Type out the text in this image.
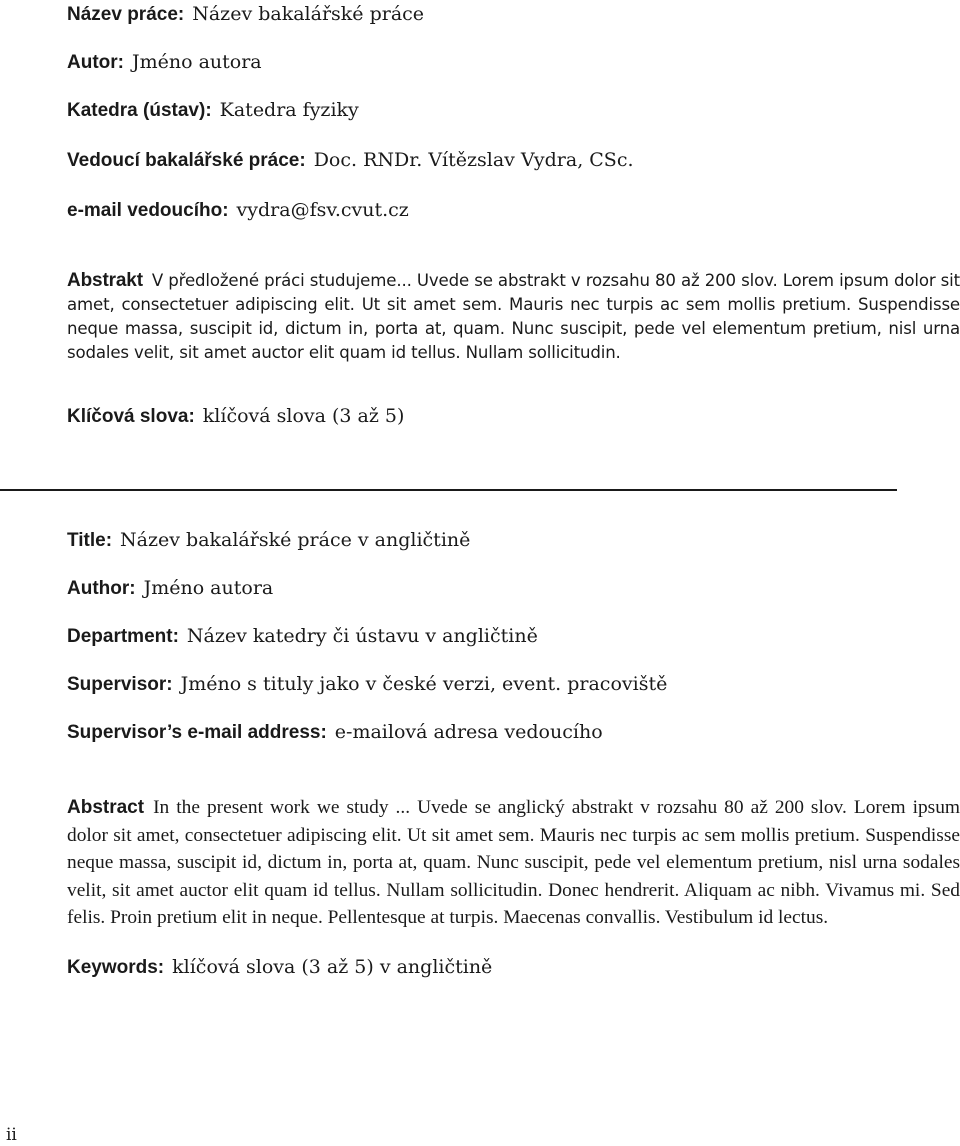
Název práce: Název bakalářské práce
Autor: Jméno autora
Katedra (ústav): Katedra fyziky
Vedoucí bakalářské práce: Doc. RNDr. Vítězslav Vydra, CSc.
e-mail vedoucího: vydra@fsv.cvut.cz
Abstrakt V předložené práci studujeme... Uvede se abstrakt v rozsahu 80 až 200 slov. Lorem ipsum dolor sit amet, consectetuer adipiscing elit. Ut sit amet sem. Mauris nec turpis ac sem mollis pretium. Suspendisse neque massa, suscipit id, dictum in, porta at, quam. Nunc suscipit, pede vel elementum pretium, nisl urna sodales velit, sit amet auctor elit quam id tellus. Nullam sollicitudin.
Klíčová slova: klíčová slova (3 až 5)
Title: Název bakalářské práce v angličtině
Author: Jméno autora
Department: Název katedry či ústavu v angličtině
Supervisor: Jméno s tituly jako v české verzi, event. pracoviště
Supervisor’s e-mail address: e-mailová adresa vedoucího
Abstract In the present work we study ... Uvede se anglický abstrakt v rozsahu 80 až 200 slov. Lorem ipsum dolor sit amet, consectetuer adipiscing elit. Ut sit amet sem. Mauris nec turpis ac sem mollis pretium. Suspendisse neque massa, suscipit id, dictum in, porta at, quam. Nunc suscipit, pede vel elementum pretium, nisl urna sodales velit, sit amet auctor elit quam id tellus. Nullam sollicitudin. Donec hendrerit. Aliquam ac nibh. Vivamus mi. Sed felis. Proin pretium elit in neque. Pellentesque at turpis. Maecenas convallis. Vestibulum id lectus.
Keywords: klíčová slova (3 až 5) v angličtině
ii
